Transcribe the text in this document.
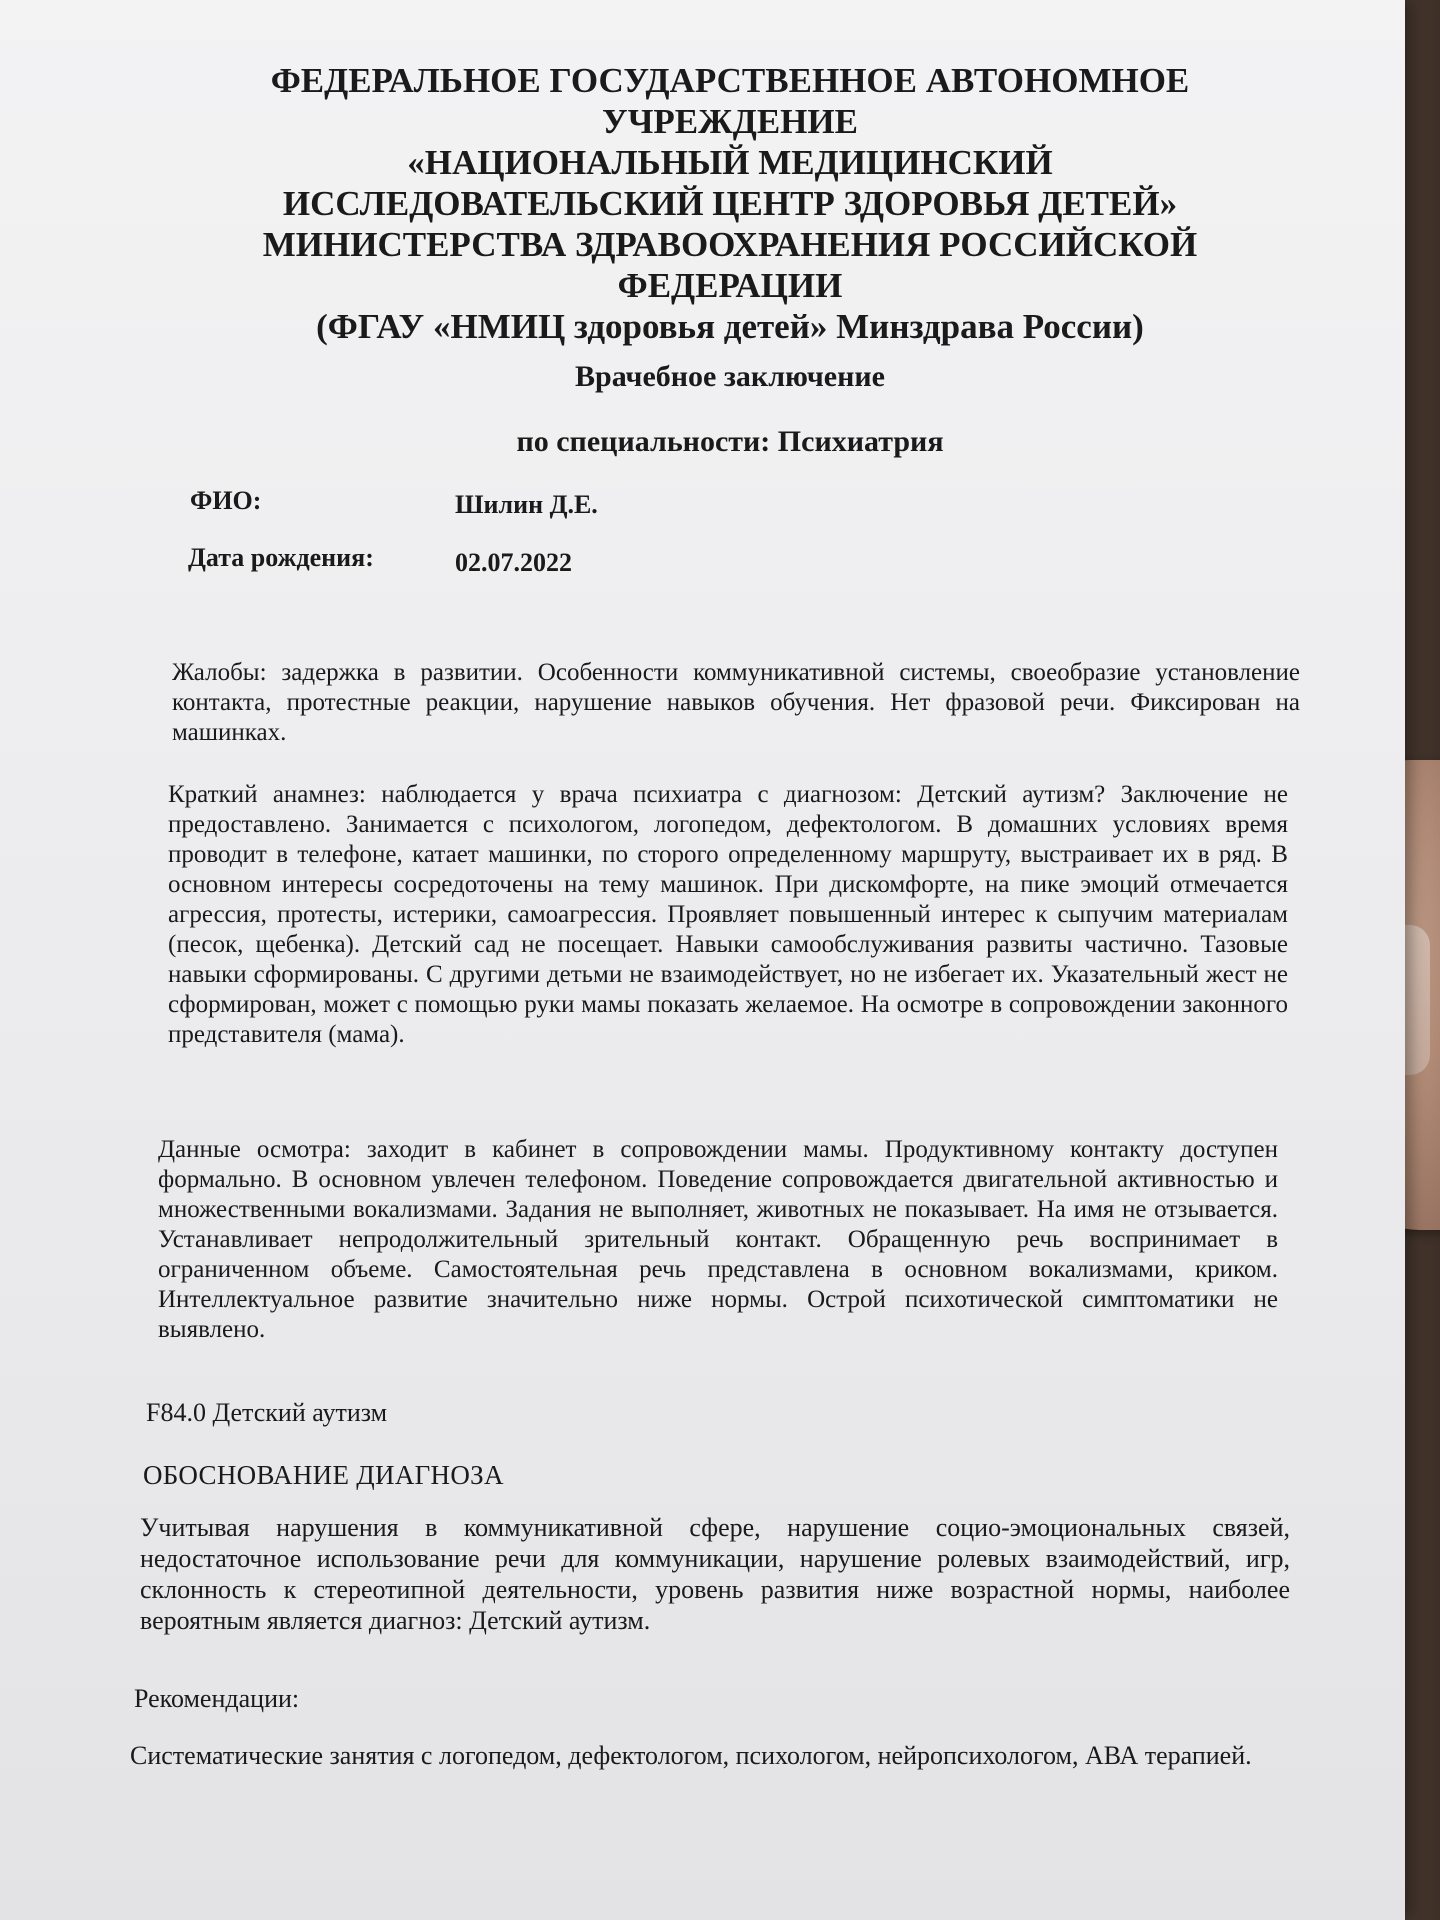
ФЕДЕРАЛЬНОЕ ГОСУДАРСТВЕННОЕ АВТОНОМНОЕ
УЧРЕЖДЕНИЕ
«НАЦИОНАЛЬНЫЙ МЕДИЦИНСКИЙ
ИССЛЕДОВАТЕЛЬСКИЙ ЦЕНТР ЗДОРОВЬЯ ДЕТЕЙ»
МИНИСТЕРСТВА ЗДРАВООХРАНЕНИЯ РОССИЙСКОЙ
ФЕДЕРАЦИИ
(ФГАУ «НМИЦ здоровья детей» Минздрава России)
Врачебное заключение
по специальности: Психиатрия
ФИО:	Шилин Д.Е.
Дата рождения:	02.07.2022
Жалобы: задержка в развитии. Особенности коммуникативной системы, своеобразие установление контакта, протестные реакции, нарушение навыков обучения. Нет фразовой речи. Фиксирован на машинках.
Краткий анамнез: наблюдается у врача психиатра с диагнозом: Детский аутизм? Заключение не предоставлено. Занимается с психологом, логопедом, дефектологом. В домашних условиях время проводит в телефоне, катает машинки, по сторого определенному маршруту, выстраивает их в ряд. В основном интересы сосредоточены на тему машинок. При дискомфорте, на пике эмоций отмечается агрессия, протесты, истерики, самоагрессия. Проявляет повышенный интерес к сыпучим материалам (песок, щебенка). Детский сад не посещает. Навыки самообслуживания развиты частично. Тазовые навыки сформированы. С другими детьми не взаимодействует, но не избегает их. Указательный жест не сформирован, может с помощью руки мамы показать желаемое. На осмотре в сопровождении законного представителя (мама).
Данные осмотра: заходит в кабинет в сопровождении мамы. Продуктивному контакту доступен формально. В основном увлечен телефоном. Поведение сопровождается двигательной активностью и множественными вокализмами. Задания не выполняет, животных не показывает. На имя не отзывается. Устанавливает непродолжительный зрительный контакт. Обращенную речь воспринимает в ограниченном объеме. Самостоятельная речь представлена в основном вокализмами, криком. Интеллектуальное развитие значительно ниже нормы. Острой психотической симптоматики не выявлено.
F84.0 Детский аутизм
ОБОСНОВАНИЕ ДИАГНОЗА
Учитывая нарушения в коммуникативной сфере, нарушение социо-эмоциональных связей, недостаточное использование речи для коммуникации, нарушение ролевых взаимодействий, игр, склонность к стереотипной деятельности, уровень развития ниже возрастной нормы, наиболее вероятным является диагноз: Детский аутизм.
Рекомендации:
Систематические занятия с логопедом, дефектологом, психологом, нейропсихологом, АВА терапией.
